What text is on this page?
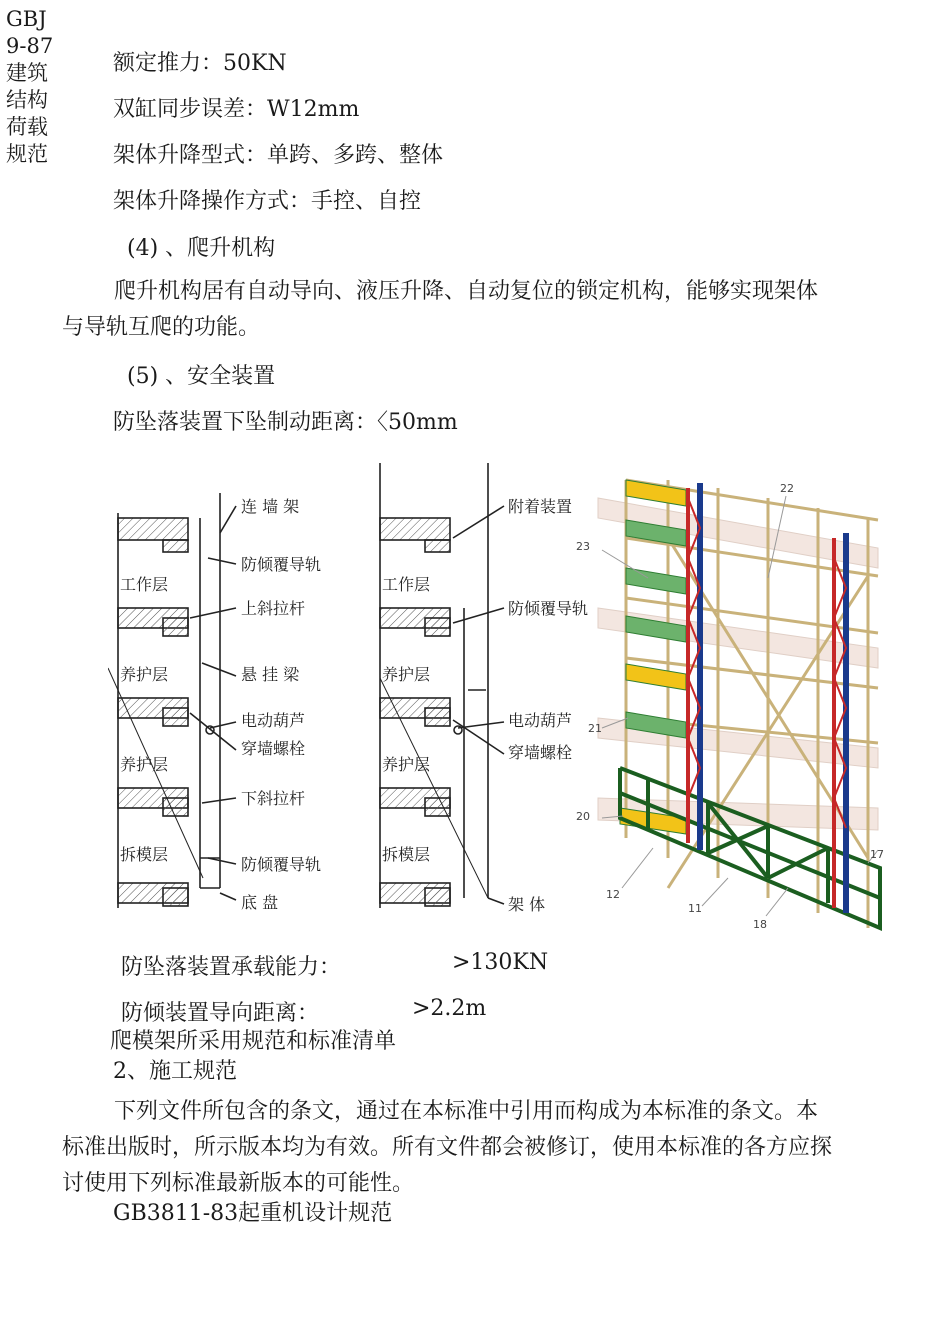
GBJ 9-87 建筑结构荷载规范
额定推力：50KN
双缸同步误差：W12mm
架体升降型式：单跨、多跨、整体
架体升降操作方式：手控、自控
(4) 、爬升机构
爬升机构居有自动导向、液压升降、自动复位的锁定机构，能够实现架体与导轨互爬的功能。
(5) 、安全装置
防坠落装置下坠制动距离：〈50mm
连 墙 架
防倾覆导轨
上斜拉杆
悬 挂 梁
电动葫芦
穿墙螺栓
下斜拉杆
防倾覆导轨
底 盘
工作层
养护层
养护层
拆模层
附着装置
防倾覆导轨
电动葫芦
穿墙螺栓
架 体
工作层
养护层
养护层
拆模层
22
23
21
20
12
11
18
17
防坠落装置承载能力：	>130KN
防倾装置导向距离：	>2.2m
爬模架所采用规范和标准清单
2、施工规范
下列文件所包含的条文，通过在本标准中引用而构成为本标准的条文。本标准出版时，所示版本均为有效。所有文件都会被修订，使用本标准的各方应探讨使用下列标准最新版本的可能性。
GB3811-83起重机设计规范
